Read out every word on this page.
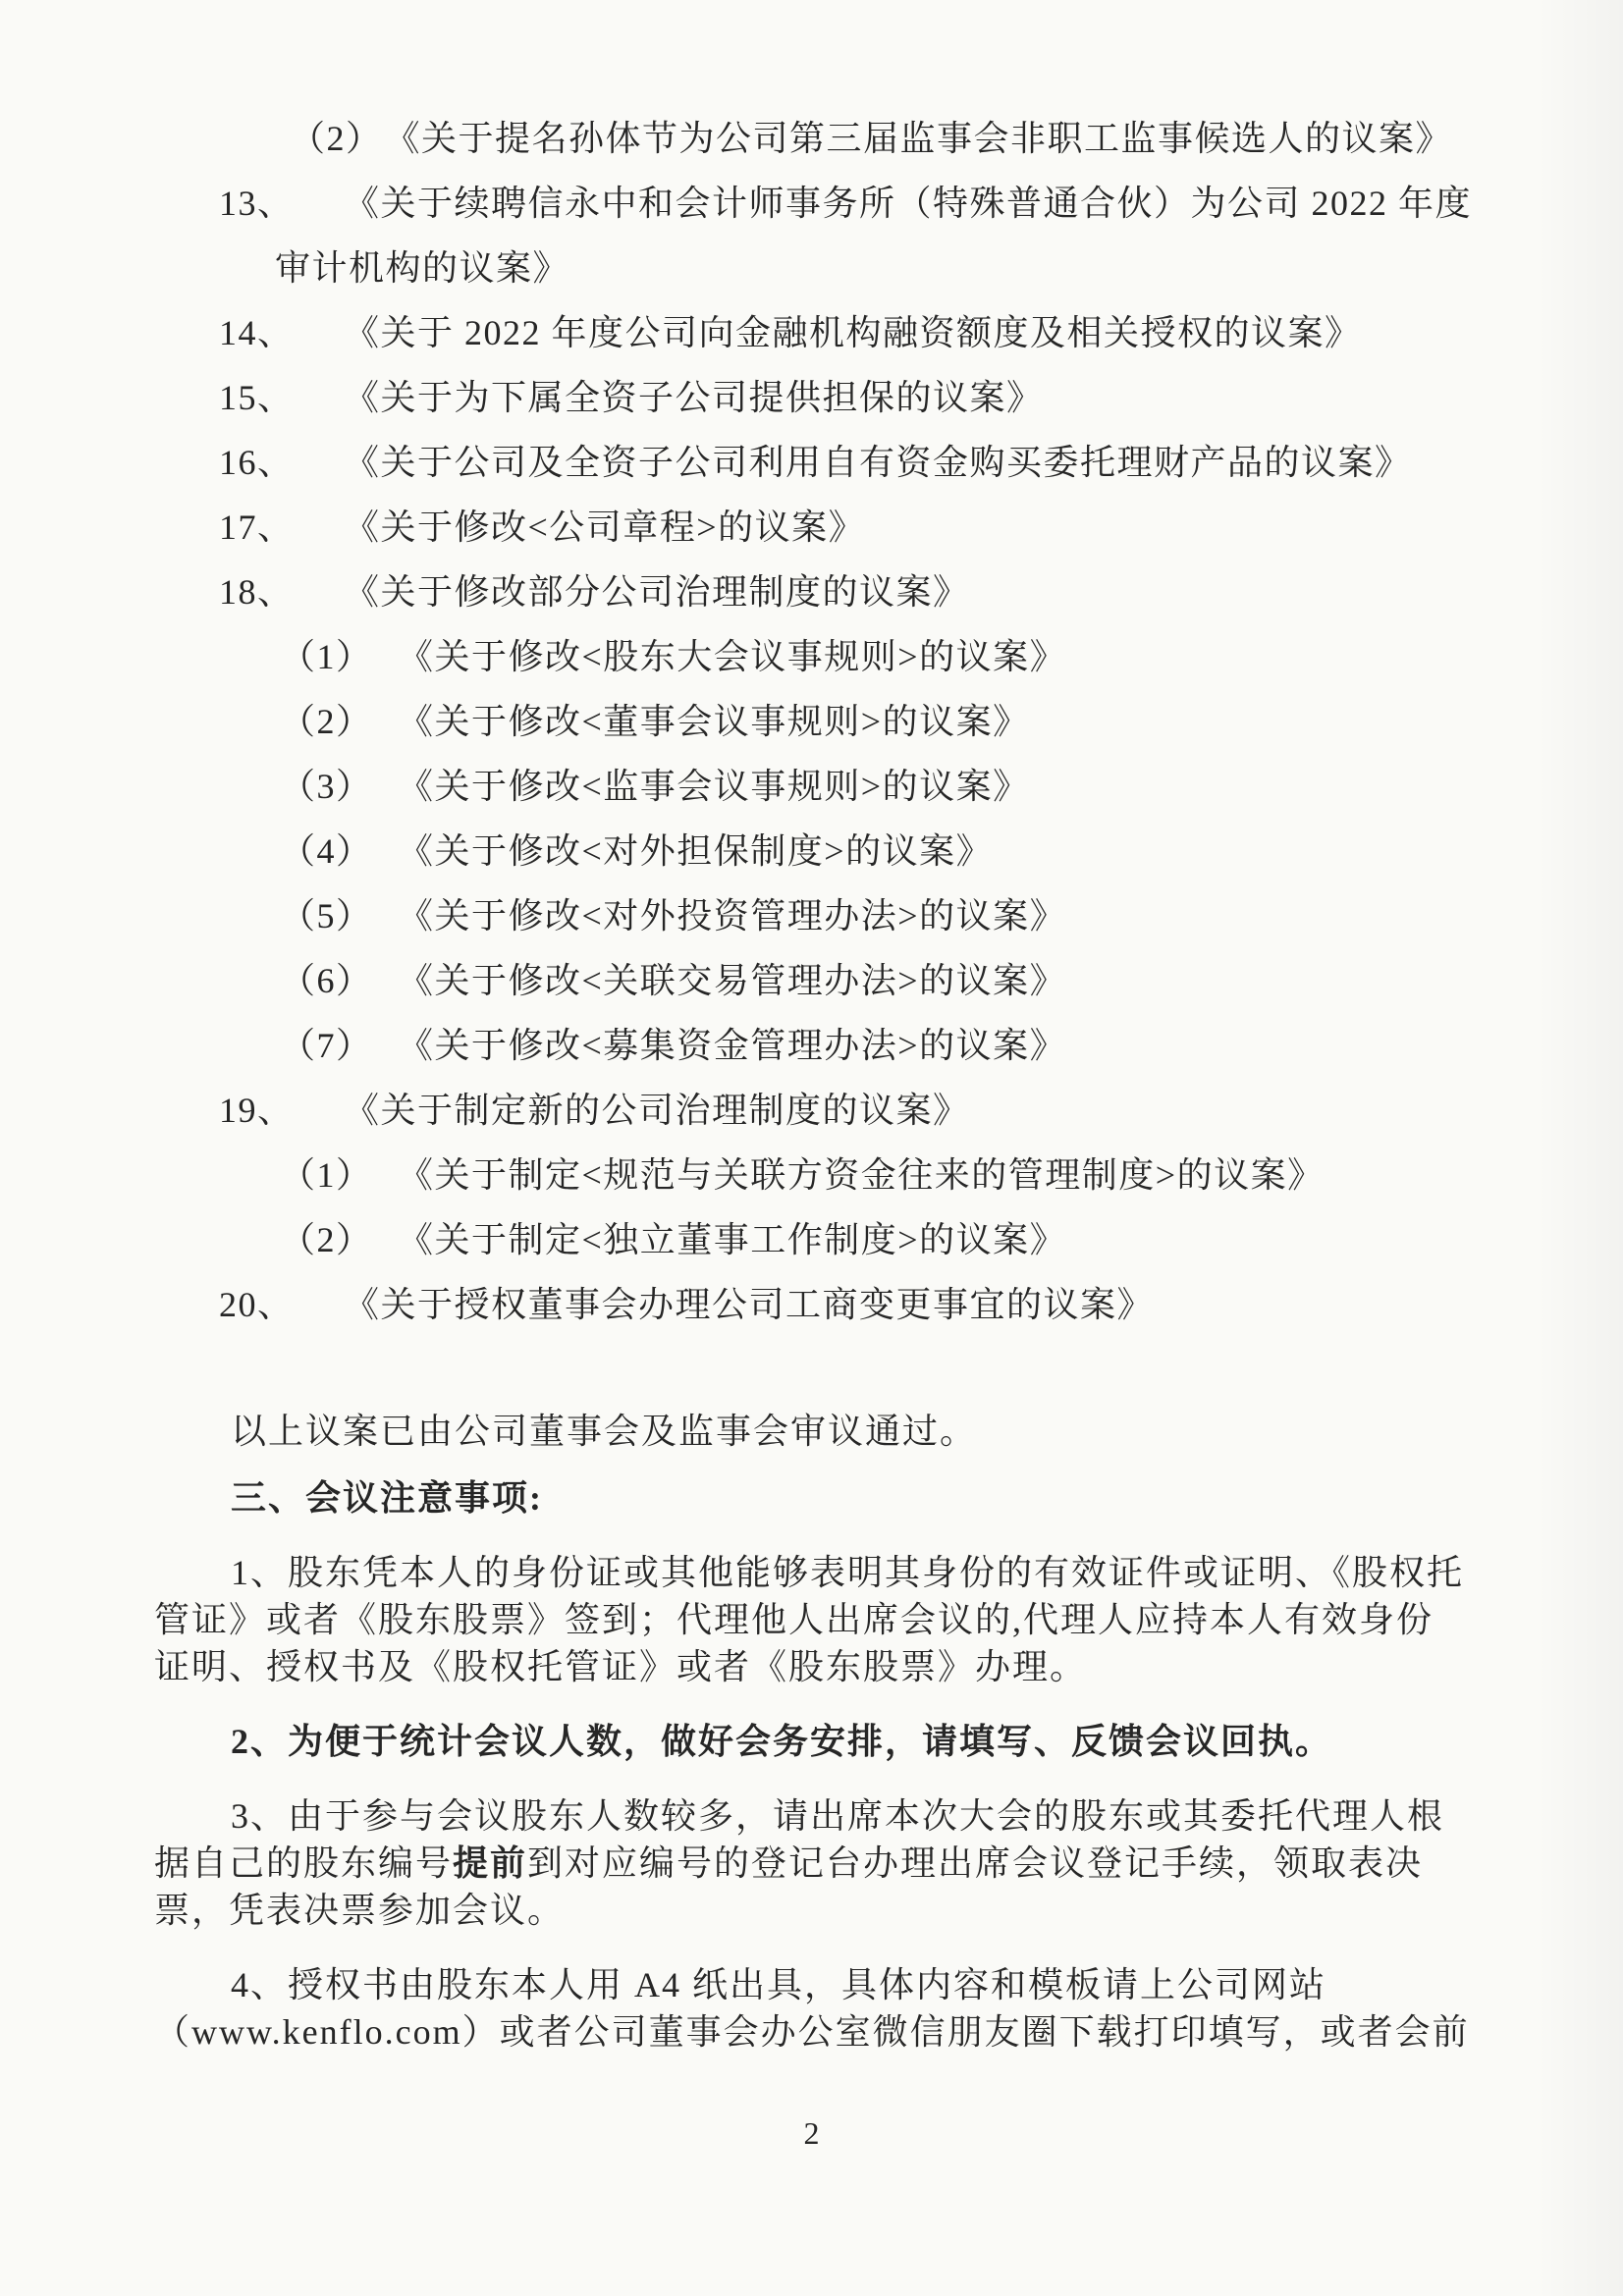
（2） 《关于提名孙体节为公司第三届监事会非职工监事候选人的议案》
13、	《关于续聘信永中和会计师事务所（特殊普通合伙）为公司 2022 年度
审计机构的议案》
14、	《关于 2022 年度公司向金融机构融资额度及相关授权的议案》
15、	《关于为下属全资子公司提供担保的议案》
16、	《关于公司及全资子公司利用自有资金购买委托理财产品的议案》
17、	《关于修改<公司章程>的议案》
18、	《关于修改部分公司治理制度的议案》
（1） 《关于修改<股东大会议事规则>的议案》
（2） 《关于修改<董事会议事规则>的议案》
（3） 《关于修改<监事会议事规则>的议案》
（4） 《关于修改<对外担保制度>的议案》
（5） 《关于修改<对外投资管理办法>的议案》
（6） 《关于修改<关联交易管理办法>的议案》
（7） 《关于修改<募集资金管理办法>的议案》
19、	《关于制定新的公司治理制度的议案》
（1） 《关于制定<规范与关联方资金往来的管理制度>的议案》
（2） 《关于制定<独立董事工作制度>的议案》
20、	《关于授权董事会办理公司工商变更事宜的议案》
以上议案已由公司董事会及监事会审议通过。
三、会议注意事项:
1、股东凭本人的身份证或其他能够表明其身份的有效证件或证明、《股权托
管证》或者《股东股票》签到；代理他人出席会议的,代理人应持本人有效身份
证明、授权书及《股权托管证》或者《股东股票》办理。
2、为便于统计会议人数，做好会务安排，请填写、反馈会议回执。
3、由于参与会议股东人数较多，请出席本次大会的股东或其委托代理人根
据自己的股东编号提前到对应编号的登记台办理出席会议登记手续，领取表决
票，凭表决票参加会议。
4、授权书由股东本人用 A4 纸出具，具体内容和模板请上公司网站
（www.kenflo.com）或者公司董事会办公室微信朋友圈下载打印填写，或者会前
2
